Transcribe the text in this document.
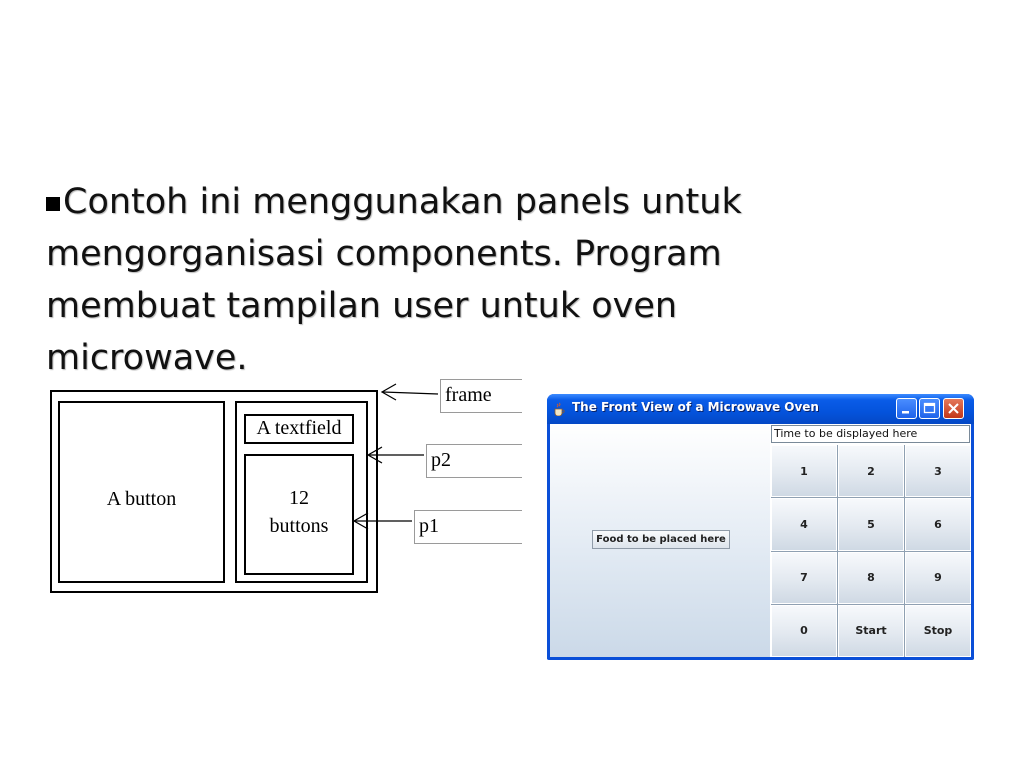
Contoh ini menggunakan panels untuk mengorganisasi components. Program membuat tampilan user untuk oven microwave.
A button
A textfield
12
buttons
frame
p2
p1
The Front View of a Microwave Oven
Food to be placed here
Time to be displayed here
1	2	3
4	5	6
7	8	9
0	Start	Stop
